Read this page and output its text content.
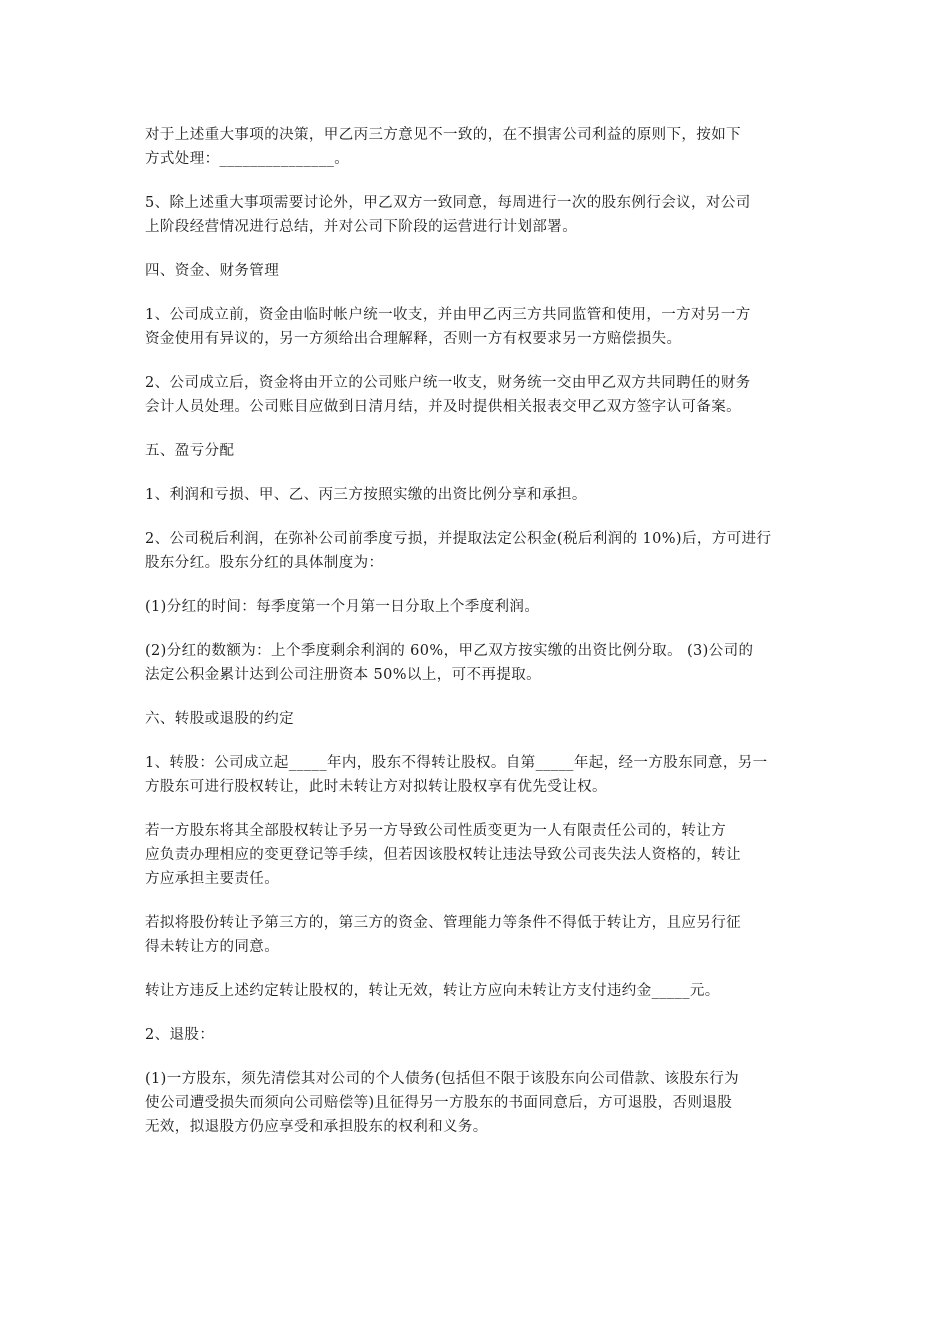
对于上述重大事项的决策，甲乙丙三方意见不一致的，在不損害公司利益的原则下，按如下
方式处理：_______________。

5、除上述重大事项需要讨论外，甲乙双方一致同意，每周进行一次的股东例行会议，对公司
上阶段经营情况进行总结，并对公司下阶段的运营进行计划部署。

四、资金、财务管理

1、公司成立前，资金由临时帐户统一收支，并由甲乙丙三方共同监管和使用，一方对另一方
资金使用有异议的，另一方须给出合理解释，否则一方有权要求另一方赔偿损失。

2、公司成立后，资金将由开立的公司账户统一收支，财务统一交由甲乙双方共同聘任的财务
会计人员处理。公司账目应做到日清月结，并及时提供相关报表交甲乙双方签字认可备案。

五、盈亏分配

1、利润和亏损、甲、乙、丙三方按照实缴的出资比例分享和承担。

2、公司税后利润，在弥补公司前季度亏损，并提取法定公积金(税后利润的 10%)后，方可进行
股东分红。股东分红的具体制度为：

(1)分红的时间：每季度第一个月第一日分取上个季度利润。

(2)分红的数额为：上个季度剩余利润的 60%，甲乙双方按实缴的出资比例分取。 (3)公司的
法定公积金累计达到公司注册资本 50%以上，可不再提取。

六、转股或退股的约定

1、转股：公司成立起_____年内，股东不得转让股权。自第_____年起，经一方股东同意，另一
方股东可进行股权转让，此时未转让方对拟转让股权享有优先受让权。

若一方股东将其全部股权转让予另一方导致公司性质变更为一人有限责任公司的，转让方
应负责办理相应的变更登记等手续，但若因该股权转让违法导致公司丧失法人资格的，转让
方应承担主要责任。

若拟将股份转让予第三方的，第三方的资金、管理能力等条件不得低于转让方，且应另行征
得未转让方的同意。

转让方违反上述约定转让股权的，转让无效，转让方应向未转让方支付违约金_____元。

2、退股：

(1)一方股东，须先清偿其对公司的个人债务(包括但不限于该股东向公司借款、该股东行为
使公司遭受损失而须向公司赔偿等)且征得另一方股东的书面同意后，方可退股，否则退股
无效，拟退股方仍应享受和承担股东的权利和义务。
